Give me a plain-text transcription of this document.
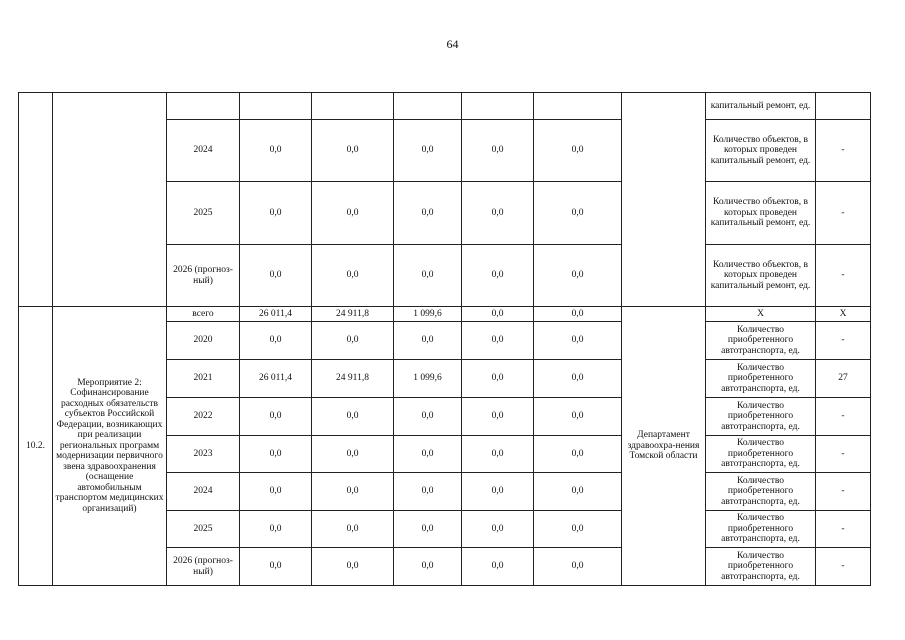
64
									капитальный ремонт, ед.	
		2024	0,0	0,0	0,0	0,0	0,0		Количество объектов, в которых проведен капитальный ремонт, ед.	-
		2025	0,0	0,0	0,0	0,0	0,0		Количество объектов, в которых проведен капитальный ремонт, ед.	-
		2026 (прогноз-ный)	0,0	0,0	0,0	0,0	0,0		Количество объектов, в которых проведен капитальный ремонт, ед.	-
10.2.	Мероприятие 2: Софинансирование расходных обязательств субъектов Российской Федерации, возникающих при реализации региональных программ модернизации первичного звена здравоохранения (оснащение автомобильным транспортом медицинских организаций)	всего	26 011,4	24 911,8	1 099,6	0,0	0,0	Департамент здравоохра-нения Томской области	X	X
		2020	0,0	0,0	0,0	0,0	0,0		Количество приобретенного автотранспорта, ед.	-
		2021	26 011,4	24 911,8	1 099,6	0,0	0,0		Количество приобретенного автотранспорта, ед.	27
		2022	0,0	0,0	0,0	0,0	0,0		Количество приобретенного автотранспорта, ед.	-
		2023	0,0	0,0	0,0	0,0	0,0		Количество приобретенного автотранспорта, ед.	-
		2024	0,0	0,0	0,0	0,0	0,0		Количество приобретенного автотранспорта, ед.	-
		2025	0,0	0,0	0,0	0,0	0,0		Количество приобретенного автотранспорта, ед.	-
		2026 (прогноз-ный)	0,0	0,0	0,0	0,0	0,0		Количество приобретенного автотранспорта, ед.	-
